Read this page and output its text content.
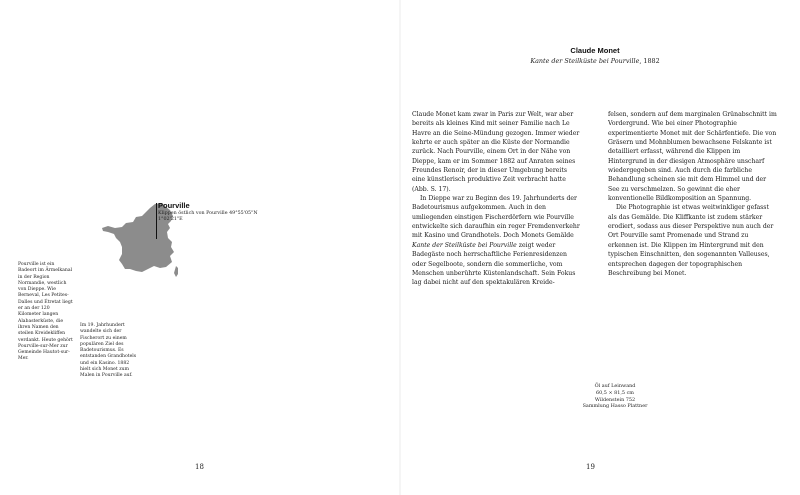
Pourville
Klippen östlich von Pourville 49°55'05"N 1°02'21"E
Pourville ist ein Badeort im Ärmelkanal in der Region Normandie, westlich von Dieppe. Wie Berneval, Les Petites-Dalles und Étretat liegt er an der 120 Kilometer langen Alabasterküste, die ihren Namen den steilen Kreidekliffen verdankt. Heute gehört Pourville-sur-Mer zur Gemeinde Hautot-sur-Mer.
Im 19. Jahrhundert wandelte sich der Fischerort zu einem populären Ziel des Badetourismus. Es entstanden Grandhotels und ein Kasino. 1882 hielt sich Monet zum Malen in Pourville auf.
18
Claude Monet
Kante der Steilküste bei Pourville, 1882

Claude Monet kam zwar in Paris zur Welt, war aber bereits als kleines Kind mit seiner Familie nach Le Havre an die Seine-Mündung gezogen. Immer wieder kehrte er auch später an die Küste der Normandie zurück. Nach Pourville, einem Ort in der Nähe von Dieppe, kam er im Sommer 1882 auf Anraten seines Freundes Renoir, der in dieser Umgebung bereits eine künstlerisch produktive Zeit verbracht hatte (Abb. S. 17).

In Dieppe war zu Beginn des 19. Jahrhunderts der Badetourismus aufgekommen. Auch in den umliegenden einstigen Fischerdörfern wie Pourville entwickelte sich daraufhin ein reger Fremdenverkehr mit Kasino und Grandhotels. Doch Monets Gemälde Kante der Steilküste bei Pourville zeigt weder Badegäste noch herrschaftliche Ferienresidenzen oder Segelboote, sondern die sommerliche, vom Menschen unberührte Küstenlandschaft. Sein Fokus lag dabei nicht auf den spektakulären Kreide-

felsen, sondern auf dem marginalen Grünabschnitt im Vordergrund. Wie bei einer Photographie experimentierte Monet mit der Schärfentiefe. Die von Gräsern und Mohnblumen bewachsene Felskante ist detailliert erfasst, während die Klippen im Hintergrund in der diesigen Atmosphäre unscharf wiedergegeben sind. Auch durch die farbliche Behandlung scheinen sie mit dem Himmel und der See zu verschmelzen. So gewinnt die eher konventionelle Bildkomposition an Spannung.

Die Photographie ist etwas weitwinkliger gefasst als das Gemälde. Die Kliffkante ist zudem stärker erodiert, sodass aus dieser Perspektive nun auch der Ort Pourville samt Promenade und Strand zu erkennen ist. Die Klippen im Hintergrund mit den typischen Einschnitten, den sogenannten Valleuses, entsprechen dagegen der topographischen Beschreibung bei Monet.

Öl auf Leinwand
60,5 × 81,5 cm
Wildenstein 752
Sammlung Hasso Plattner
19
